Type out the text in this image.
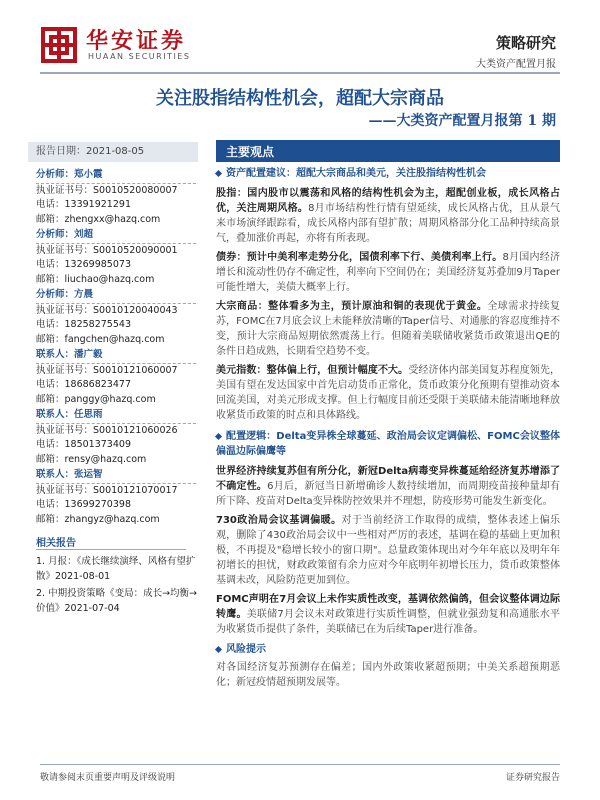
华安证券
HUAAN SECURITIES
策略研究
大类资产配置月报
关注股指结构性机会，超配大宗商品
——大类资产配置月报第 1 期
报告日期：2021-08-05
分析师：郑小霞
执业证书号：S0010520080007
电话：13391921291
邮箱：zhengxx@hazq.com
分析师：刘超
执业证书号：S0010520090001
电话：13269985073
邮箱：liuchao@hazq.com
分析师：方晨
执业证书号：S0010120040043
电话：18258275543
邮箱：fangchen@hazq.com
联系人：潘广毅
执业证书号：S0010121060007
电话：18686823477
邮箱：panggy@hazq.com
联系人：任思雨
执业证书号：S0010121060026
电话：18501373409
邮箱：rensy@hazq.com
联系人：张运智
执业证书号：S0010121070017
电话：13699270398
邮箱：zhangyz@hazq.com
相关报告
1. 月报：《成长继续演绎、风格有望扩散》2021-08-01
2. 中期投资策略《变局：成长→均衡→价值》2021-07-04
主要观点

资产配置建议：超配大宗商品和美元，关注股指结构性机会

股指：国内股市以震荡和风格的结构性机会为主，超配创业板，成长风格占优，关注周期风格。8月市场结构性行情有望延续，成长风格占优，且从景气来市场演绎跟踪看，成长风格内部有望扩散；周期风格部分化工品种持续高景气，叠加涨价再起，亦将有所表现。

债券：预计中美利率走势分化，国债利率下行、美债利率上行。8月国内经济增长和流动性仍存不确定性，利率向下空间仍在；美国经济复苏叠加9月Taper可能性增大，美债大概率上行。

大宗商品：整体看多为主，预计原油和铜的表现优于黄金。全球需求持续复苏，FOMC在7月底会议上未能释放清晰的Taper信号、对通胀的容忍度维持不变，预计大宗商品短期依然震荡上行。但随着美联储收紧货币政策退出QE的条件日趋成熟，长期看空趋势不变。

美元指数：整体偏上行，但预计幅度不大。受经济体内部美国复苏程度领先，美国有望在发达国家中首先启动货币正常化，货币政策分化预期有望推动资本回流美国，对美元形成支撑。但上行幅度目前还受限于美联储未能清晰地释放收紧货币政策的时点和具体路线。

配置逻辑：Delta变异株全球蔓延、政治局会议定调偏松、FOMC会议整体偏温边际偏鹰等

世界经济持续复苏但有所分化，新冠Delta病毒变异株蔓延给经济复苏增添了不确定性。6月后，新冠当日新增确诊人数持续增加，而周期疫苗接种量却有所下降、疫苗对Delta变异株防控效果并不理想，防疫形势可能发生新变化。

730政治局会议基调偏暖。对于当前经济工作取得的成绩，整体表述上偏乐观，删除了430政治局会议中一些相对严厉的表述，基调在稳的基础上更加积极，不再提及"稳增长较小的窗口期"。总量政策体现出对今年年底以及明年年初增长的担忧，财政政策留有余力应对今年底明年初增长压力，货币政策整体基调未改，风险防范更加到位。

FOMC声明在7月会议上未作实质性改变，基调依然偏鸽，但会议整体调边际转鹰。美联储7月会议未对政策进行实质性调整，但就业强劲复和高通胀水平为收紧货币提供了条件，美联储已在为后续Taper进行准备。

风险提示

对各国经济复苏预测存在偏差；国内外政策收紧超预期；中美关系超预期恶化；新冠疫情超预期发展等。

敬请参阅末页重要声明及评级说明	证券研究报告
